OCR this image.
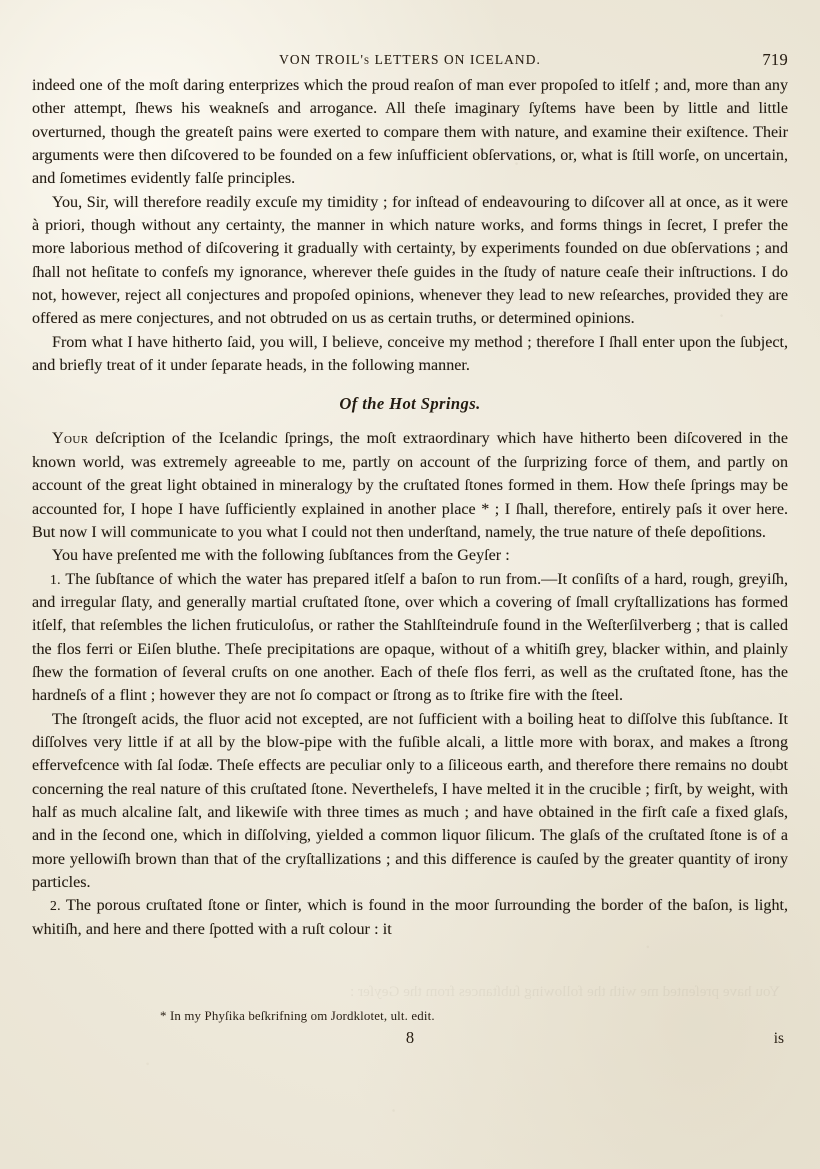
VON TROIL's LETTERS ON ICELAND.	719

indeed one of the moſt daring enterprizes which the proud reaſon of man ever propoſed to itſelf ; and, more than any other attempt, ſhews his weakneſs and arrogance. All theſe imaginary ſyſtems have been by little and little overturned, though the greateſt pains were exerted to compare them with nature, and examine their exiſtence. Their arguments were then diſcovered to be founded on a few inſufficient obſervations, or, what is ſtill worſe, on uncertain, and ſometimes evidently falſe principles.

You, Sir, will therefore readily excuſe my timidity ; for inſtead of endeavouring to diſcover all at once, as it were à priori, though without any certainty, the manner in which nature works, and forms things in ſecret, I prefer the more laborious method of diſcovering it gradually with certainty, by experiments founded on due obſervations ; and ſhall not heſitate to confeſs my ignorance, wherever theſe guides in the ſtudy of nature ceaſe their inſtructions. I do not, however, reject all conjectures and propoſed opinions, whenever they lead to new reſearches, provided they are offered as mere conjectures, and not obtruded on us as certain truths, or determined opinions.

From what I have hitherto ſaid, you will, I believe, conceive my method ; therefore I ſhall enter upon the ſubject, and briefly treat of it under ſeparate heads, in the following manner.

Of the Hot Springs.

Your deſcription of the Icelandic ſprings, the moſt extraordinary which have hitherto been diſcovered in the known world, was extremely agreeable to me, partly on account of the ſurprizing force of them, and partly on account of the great light obtained in mineralogy by the cruſtated ſtones formed in them. How theſe ſprings may be accounted for, I hope I have ſufficiently explained in another place * ; I ſhall, therefore, entirely paſs it over here. But now I will communicate to you what I could not then underſtand, namely, the true nature of theſe depoſitions.

You have preſented me with the following ſubſtances from the Geyſer :

1. The ſubſtance of which the water has prepared itſelf a baſon to run from.—It conſiſts of a hard, rough, greyiſh, and irregular ſlaty, and generally martial cruſtated ſtone, over which a covering of ſmall cryſtallizations has formed itſelf, that reſembles the lichen fruticuloſus, or rather the Stahlſteindruſe found in the Weſterſilverberg ; that is called the flos ferri or Eiſen bluthe. Theſe precipitations are opaque, without of a whitiſh grey, blacker within, and plainly ſhew the formation of ſeveral cruſts on one another. Each of theſe flos ferri, as well as the cruſtated ſtone, has the hardneſs of a flint ; however they are not ſo compact or ſtrong as to ſtrike fire with the ſteel.

The ſtrongeſt acids, the fluor acid not excepted, are not ſufficient with a boiling heat to diſſolve this ſubſtance. It diſſolves very little if at all by the blow-pipe with the fuſible alcali, a little more with borax, and makes a ſtrong effervefcence with ſal ſodæ. Theſe effects are peculiar only to a ſiliceous earth, and therefore there remains no doubt concerning the real nature of this cruſtated ſtone. Neverthelefs, I have melted it in the crucible ; firſt, by weight, with half as much alcaline ſalt, and likewiſe with three times as much ; and have obtained in the firſt caſe a fixed glaſs, and in the ſecond one, which in diſſolving, yielded a common liquor ſilicum. The glaſs of the cruſtated ſtone is of a more yellowiſh brown than that of the cryſtallizations ; and this difference is cauſed by the greater quantity of irony particles.

2. The porous cruſtated ſtone or ſinter, which is found in the moor ſurrounding the border of the baſon, is light, whitiſh, and here and there ſpotted with a ruſt colour : it

You have preſented me with the following ſubſtances from the Geyſer :
* In my Phyſika beſkrifning om Jordklotet, ult. edit.
8	is
